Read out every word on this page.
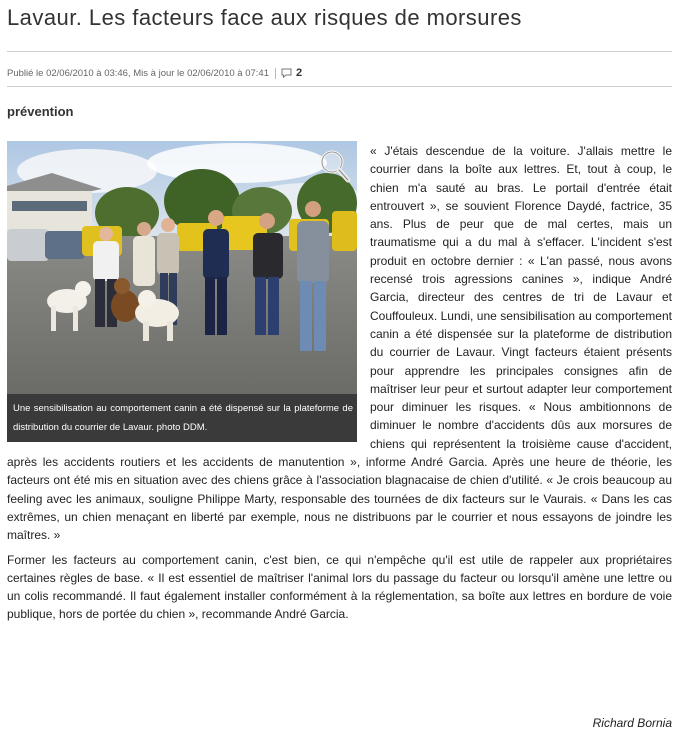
Lavaur. Les facteurs face aux risques de morsures
Publié le 02/06/2010 à 03:46, Mis à jour le 02/06/2010 à 07:41 2
prévention

« J'étais descendue de la voiture. J'allais mettre le courrier dans la boîte aux lettres. Et, tout à coup, le chien m'a sauté au bras. Le portail d'entrée était entrouvert », se souvient Florence Daydé, factrice, 35 ans. Plus de peur que de mal certes, mais un traumatisme qui a du mal à s'effacer. L'incident s'est produit en octobre dernier : « L'an passé, nous avons recensé trois agressions canines », indique André Garcia, directeur des centres de tri de Lavaur et Couffouleux. Lundi, une sensibilisation au comportement canin a été dispensée sur la plateforme de distribution du courrier de Lavaur. Vingt facteurs étaient présents pour apprendre les principales consignes afin de maîtriser leur peur et surtout adapter leur comportement pour diminuer les risques. « Nous ambitionnons de diminuer le nombre d'accidents dûs aux morsures de chiens qui représentent la troisième cause d'accident, après les accidents routiers et les accidents de manutention », informe André Garcia. Après une heure de théorie, les facteurs ont été mis en situation avec des chiens grâce à l'association blagnacaise de chien d'utilité. « Je crois beaucoup au feeling avec les animaux, souligne Philippe Marty, responsable des tournées de dix facteurs sur le Vaurais. « Dans les cas extrêmes, un chien menaçant en liberté par exemple, nous ne distribuons par le courrier et nous essayons de joindre les maîtres. »

Former les facteurs au comportement canin, c'est bien, ce qui n'empêche qu'il est utile de rappeler aux propriétaires certaines règles de base. « Il est essentiel de maîtriser l'animal lors du passage du facteur ou lorsqu'il amène une lettre ou un colis recommandé. Il faut également installer conformément à la réglementation, sa boîte aux lettres en bordure de voie publique, hors de portée du chien », recommande André Garcia.

Une sensibilisation au comportement canin a été dispensé sur la plateforme de distribution du courrier de Lavaur. photo DDM.
Richard Bornia
